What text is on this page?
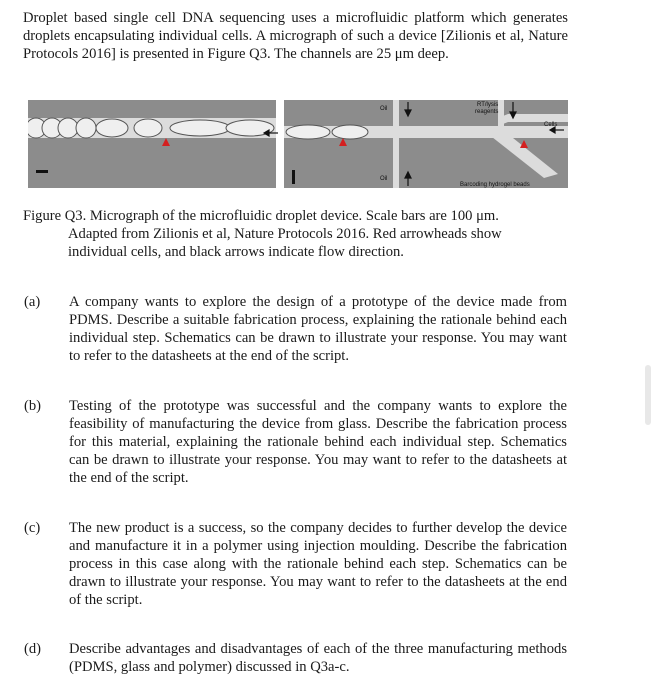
Droplet based single cell DNA sequencing uses a microfluidic platform which generates droplets encapsulating individual cells. A micrograph of such a device [Zilionis et al, Nature Protocols 2016] is presented in Figure Q3. The channels are 25 μm deep.
Oil
Oil
RT/lysis
reagents
Cells
Barcoding hydrogel beads
Figure Q3. Micrograph of the microfluidic droplet device. Scale bars are 100 μm.
Adapted from Zilionis et al, Nature Protocols 2016. Red arrowheads show individual cells, and black arrows indicate flow direction.
(a) A company wants to explore the design of a prototype of the device made from PDMS. Describe a suitable fabrication process, explaining the rationale behind each individual step. Schematics can be drawn to illustrate your response. You may want to refer to the datasheets at the end of the script.
(b) Testing of the prototype was successful and the company wants to explore the feasibility of manufacturing the device from glass. Describe the fabrication process for this material, explaining the rationale behind each individual step. Schematics can be drawn to illustrate your response. You may want to refer to the datasheets at the end of the script.
(c) The new product is a success, so the company decides to further develop the device and manufacture it in a polymer using injection moulding. Describe the fabrication process in this case along with the rationale behind each step. Schematics can be drawn to illustrate your response. You may want to refer to the datasheets at the end of the script.
(d) Describe advantages and disadvantages of each of the three manufacturing methods (PDMS, glass and polymer) discussed in Q3a-c.
